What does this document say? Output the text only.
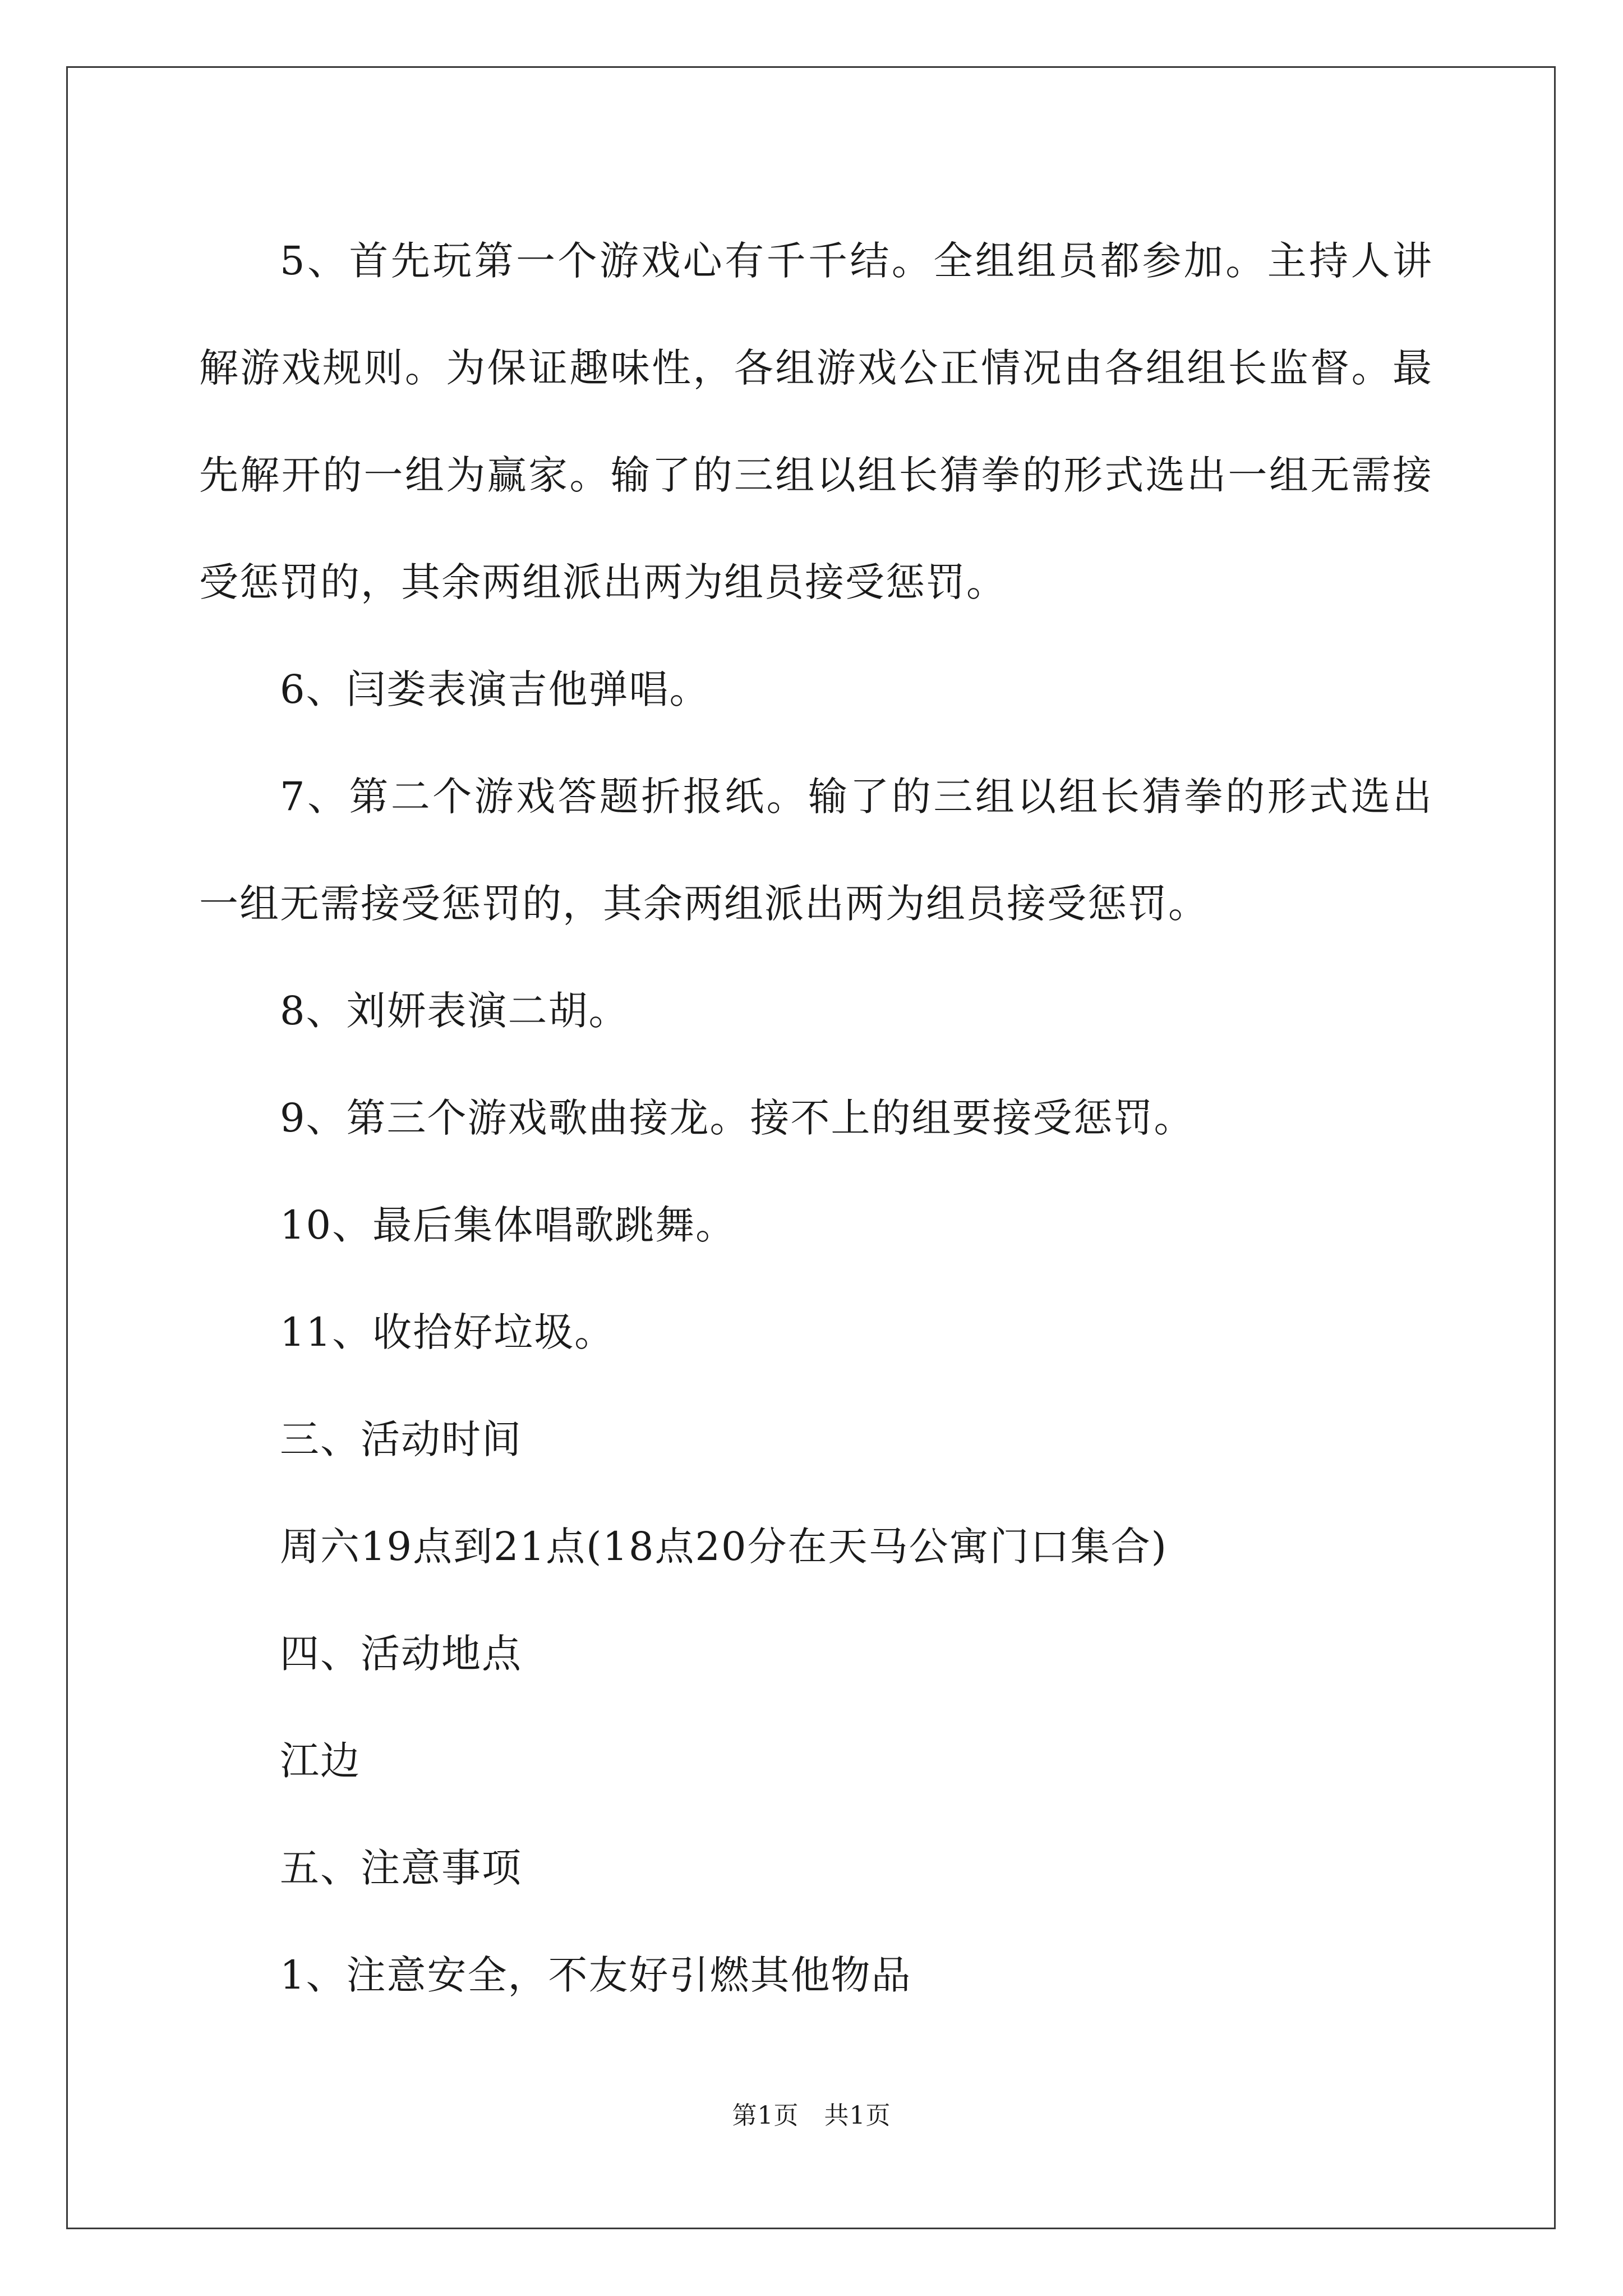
5、首先玩第一个游戏心有千千结。全组组员都参加。主持人讲解游戏规则。为保证趣味性，各组游戏公正情况由各组组长监督。最先解开的一组为赢家。输了的三组以组长猜拳的形式选出一组无需接受惩罚的，其余两组派出两为组员接受惩罚。

6、闫娄表演吉他弹唱。

7、第二个游戏答题折报纸。输了的三组以组长猜拳的形式选出一组无需接受惩罚的，其余两组派出两为组员接受惩罚。

8、刘妍表演二胡。

9、第三个游戏歌曲接龙。接不上的组要接受惩罚。

10、最后集体唱歌跳舞。

11、收拾好垃圾。

三、活动时间

周六19点到21点(18点20分在天马公寓门口集合)

四、活动地点

江边

五、注意事项

1、注意安全，不友好引燃其他物品

第1页　共1页
